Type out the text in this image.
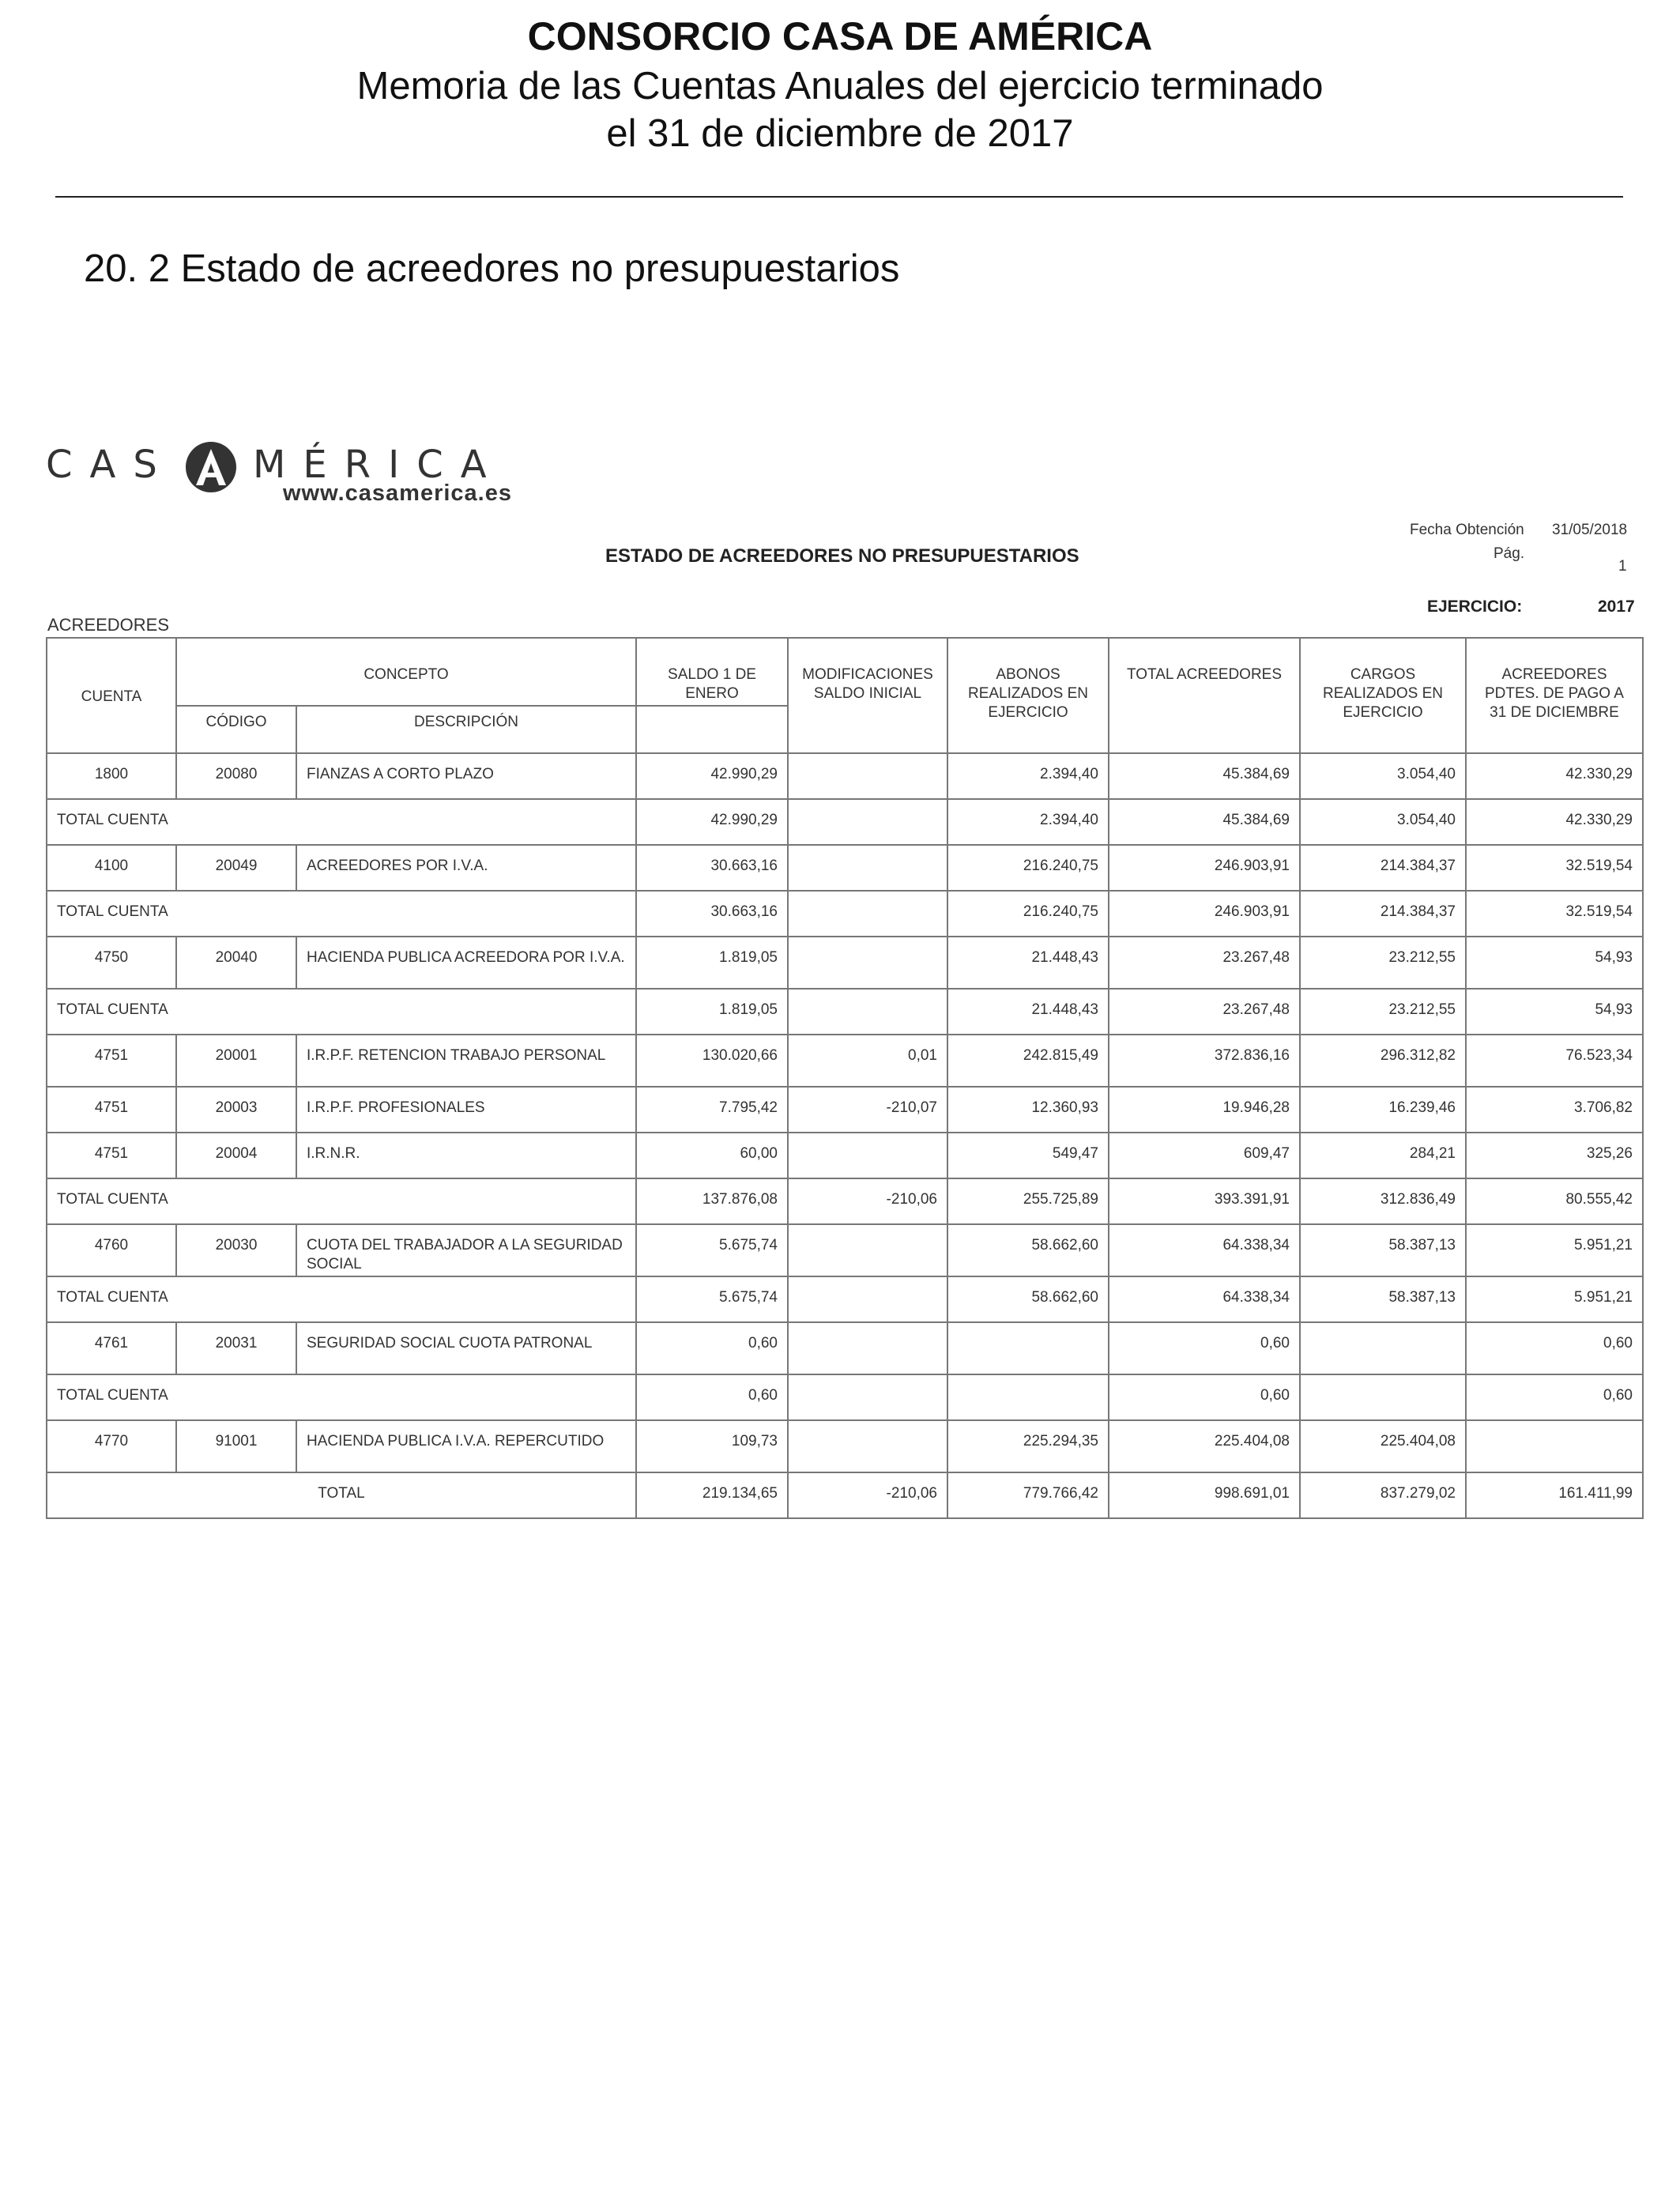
CONSORCIO CASA DE AMÉRICA
Memoria de las Cuentas Anuales del ejercicio terminado
el 31 de diciembre de 2017
20. 2 Estado de acreedores no presupuestarios
CAS MÉRICA
www.casamerica.es
ESTADO DE ACREEDORES NO PRESUPUESTARIOS
Fecha Obtención 31/05/2018
Pág.
1
EJERCICIO:	2017
ACREEDORES
CUENTA	CONCEPTO		SALDO 1 DE ENERO	MODIFICACIONES SALDO INICIAL	ABONOS REALIZADOS EN EJERCICIO	TOTAL ACREEDORES	CARGOS REALIZADOS EN EJERCICIO	ACREEDORES PDTES. DE PAGO A 31 DE DICIEMBRE
	CÓDIGO	DESCRIPCIÓN						
1800	20080	FIANZAS A CORTO PLAZO	42.990,29		2.394,40	45.384,69	3.054,40	42.330,29
TOTAL CUENTA			42.990,29		2.394,40	45.384,69	3.054,40	42.330,29
4100	20049	ACREEDORES POR I.V.A.	30.663,16		216.240,75	246.903,91	214.384,37	32.519,54
TOTAL CUENTA			30.663,16		216.240,75	246.903,91	214.384,37	32.519,54
4750	20040	HACIENDA PUBLICA ACREEDORA POR I.V.A.	1.819,05		21.448,43	23.267,48	23.212,55	54,93
TOTAL CUENTA			1.819,05		21.448,43	23.267,48	23.212,55	54,93
4751	20001	I.R.P.F. RETENCION TRABAJO PERSONAL	130.020,66	0,01	242.815,49	372.836,16	296.312,82	76.523,34
4751	20003	I.R.P.F. PROFESIONALES	7.795,42	-210,07	12.360,93	19.946,28	16.239,46	3.706,82
4751	20004	I.R.N.R.	60,00		549,47	609,47	284,21	325,26
TOTAL CUENTA			137.876,08	-210,06	255.725,89	393.391,91	312.836,49	80.555,42
4760	20030	CUOTA DEL TRABAJADOR A LA SEGURIDAD SOCIAL	5.675,74		58.662,60	64.338,34	58.387,13	5.951,21
TOTAL CUENTA			5.675,74		58.662,60	64.338,34	58.387,13	5.951,21
4761	20031	SEGURIDAD SOCIAL CUOTA PATRONAL	0,60			0,60		0,60
TOTAL CUENTA			0,60			0,60		0,60
4770	91001	HACIENDA PUBLICA I.V.A. REPERCUTIDO	109,73		225.294,35	225.404,08	225.404,08	
TOTAL			219.134,65	-210,06	779.766,42	998.691,01	837.279,02	161.411,99
